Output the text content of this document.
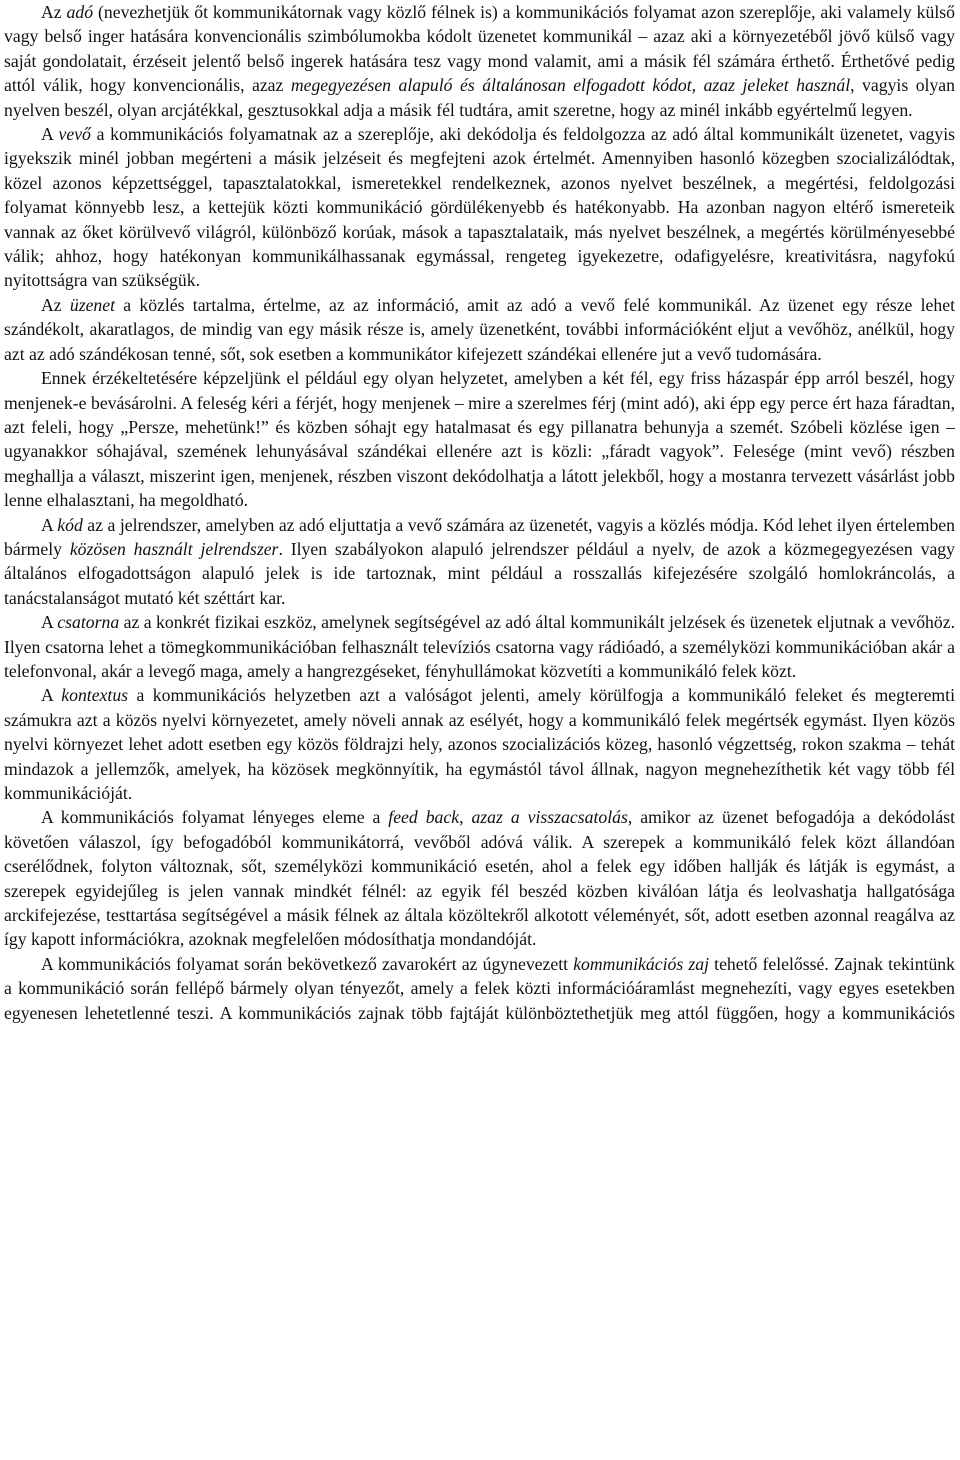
Az adó (nevezhetjük őt kommunikátornak vagy közlő félnek is) a kommunikációs folyamat azon szereplője, aki valamely külső vagy belső inger hatására konvencionális szimbólumokba kódolt üzenetet kommunikál – azaz aki a környezetéből jövő külső vagy saját gondolatait, érzéseit jelentő belső ingerek hatására tesz vagy mond valamit, ami a másik fél számára érthető. Érthetővé pedig attól válik, hogy konvencionális, azaz megegyezésen alapuló és általánosan elfogadott kódot, azaz jeleket használ, vagyis olyan nyelven beszél, olyan arcjátékkal, gesztusokkal adja a másik fél tudtára, amit szeretne, hogy az minél inkább egyértelmű legyen.

A vevő a kommunikációs folyamatnak az a szereplője, aki dekódolja és feldolgozza az adó által kommunikált üzenetet, vagyis igyekszik minél jobban megérteni a másik jelzéseit és megfejteni azok értelmét. Amennyiben hasonló közegben szocializálódtak, közel azonos képzettséggel, tapasztalatokkal, ismeretekkel rendelkeznek, azonos nyelvet beszélnek, a megértési, feldolgozási folyamat könnyebb lesz, a kettejük közti kommunikáció gördülékenyebb és hatékonyabb. Ha azonban nagyon eltérő ismereteik vannak az őket körülvevő világról, különböző korúak, mások a tapasztalataik, más nyelvet beszélnek, a megértés körülményesebbé válik; ahhoz, hogy hatékonyan kommunikálhassanak egymással, rengeteg igyekezetre, odafigyelésre, kreativitásra, nagyfokú nyitottságra van szükségük.

Az üzenet a közlés tartalma, értelme, az az információ, amit az adó a vevő felé kommunikál. Az üzenet egy része lehet szándékolt, akaratlagos, de mindig van egy másik része is, amely üzenetként, további információként eljut a vevőhöz, anélkül, hogy azt az adó szándékosan tenné, sőt, sok esetben a kommunikátor kifejezett szándékai ellenére jut a vevő tudomására.

Ennek érzékeltetésére képzeljünk el például egy olyan helyzetet, amelyben a két fél, egy friss házaspár épp arról beszél, hogy menjenek-e bevásárolni. A feleség kéri a férjét, hogy menjenek – mire a szerelmes férj (mint adó), aki épp egy perce ért haza fáradtan, azt feleli, hogy „Persze, mehetünk!” és közben sóhajt egy hatalmasat és egy pillanatra behunyja a szemét. Szóbeli közlése igen – ugyanakkor sóhajával, szemének lehunyásával szándékai ellenére azt is közli: „fáradt vagyok”. Felesége (mint vevő) részben meghallja a választ, miszerint igen, menjenek, részben viszont dekódolhatja a látott jelekből, hogy a mostanra tervezett vásárlást jobb lenne elhalasztani, ha megoldható.

A kód az a jelrendszer, amelyben az adó eljuttatja a vevő számára az üzenetét, vagyis a közlés módja. Kód lehet ilyen értelemben bármely közösen használt jelrendszer. Ilyen szabályokon alapuló jelrendszer például a nyelv, de azok a közmegegyezésen vagy általános elfogadottságon alapuló jelek is ide tartoznak, mint például a rosszallás kifejezésére szolgáló homlokráncolás, a tanácstalanságot mutató két széttárt kar.

A csatorna az a konkrét fizikai eszköz, amelynek segítségével az adó által kommunikált jelzések és üzenetek eljutnak a vevőhöz. Ilyen csatorna lehet a tömegkommunikációban felhasznált televíziós csatorna vagy rádióadó, a személyközi kommunikációban akár a telefonvonal, akár a levegő maga, amely a hangrezgéseket, fényhullámokat közvetíti a kommunikáló felek közt.

A kontextus a kommunikációs helyzetben azt a valóságot jelenti, amely körülfogja a kommunikáló feleket és megteremti számukra azt a közös nyelvi környezetet, amely növeli annak az esélyét, hogy a kommunikáló felek megértsék egymást. Ilyen közös nyelvi környezet lehet adott esetben egy közös földrajzi hely, azonos szocializációs közeg, hasonló végzettség, rokon szakma – tehát mindazok a jellemzők, amelyek, ha közösek megkönnyítik, ha egymástól távol állnak, nagyon megnehezíthetik két vagy több fél kommunikációját.

A kommunikációs folyamat lényeges eleme a feed back, azaz a visszacsatolás, amikor az üzenet befogadója a dekódolást követően válaszol, így befogadóból kommunikátorrá, vevőből adóvá válik. A szerepek a kommunikáló felek közt állandóan cserélődnek, folyton változnak, sőt, személyközi kommunikáció esetén, ahol a felek egy időben hallják és látják is egymást, a szerepek egyidejűleg is jelen vannak mindkét félnél: az egyik fél beszéd közben kiválóan látja és leolvashatja hallgatósága arckifejezése, testtartása segítségével a másik félnek az általa közöltekről alkotott véleményét, sőt, adott esetben azonnal reagálva az így kapott információkra, azoknak megfelelően módosíthatja mondandóját.

A kommunikációs folyamat során bekövetkező zavarokért az úgynevezett kommunikációs zaj tehető felelőssé. Zajnak tekintünk a kommunikáció során fellépő bármely olyan tényezőt, amely a felek közti információáramlást megnehezíti, vagy egyes esetekben egyenesen lehetetlenné teszi. A kommunikációs zajnak több fajtáját különböztethetjük meg attól függően, hogy a kommunikációs
